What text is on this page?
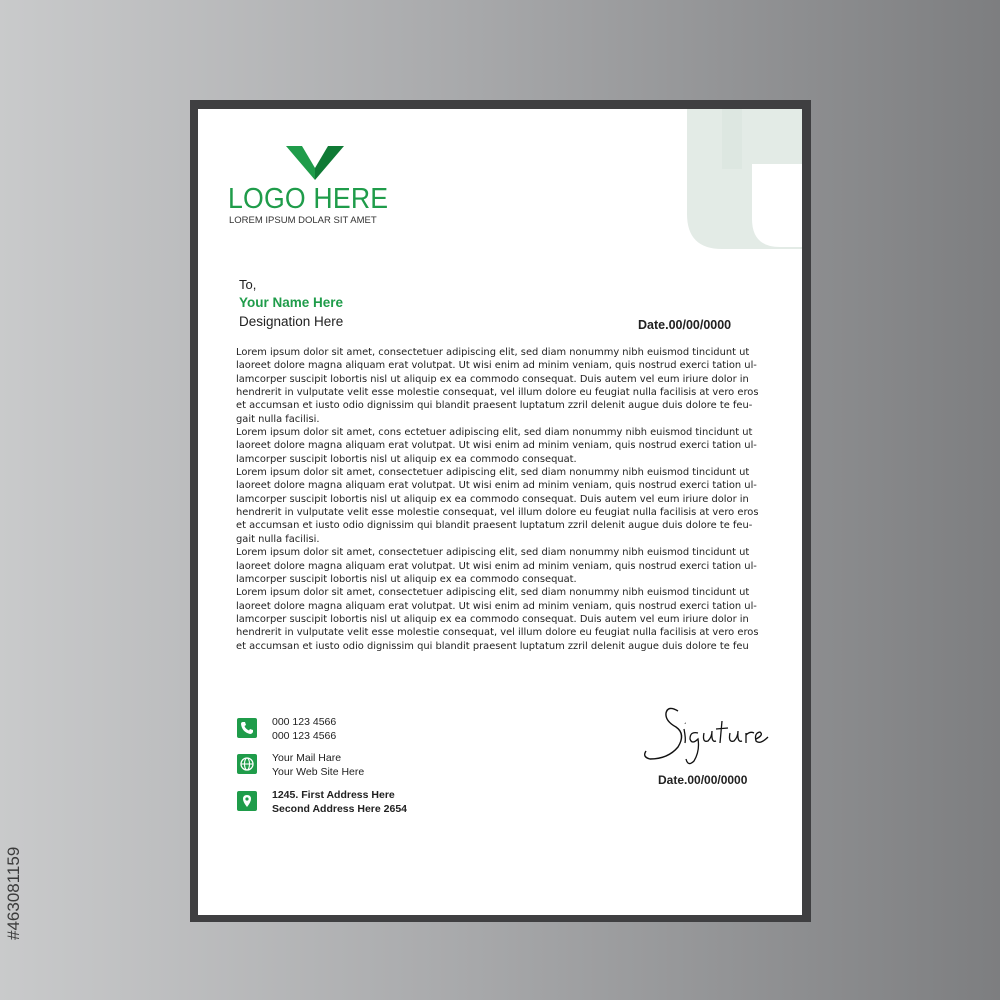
#463081159
LOGO HERE
LOREM IPSUM DOLAR SIT AMET
To,
Your Name Here
Designation Here	Date.00/00/0000
Lorem ipsum dolor sit amet, consectetuer adipiscing elit, sed diam nonummy nibh euismod tincidunt ut
laoreet dolore magna aliquam erat volutpat. Ut wisi enim ad minim veniam, quis nostrud exerci tation ul-
lamcorper suscipit lobortis nisl ut aliquip ex ea commodo consequat. Duis autem vel eum iriure dolor in
hendrerit in vulputate velit esse molestie consequat, vel illum dolore eu feugiat nulla facilisis at vero eros
et accumsan et iusto odio dignissim qui blandit praesent luptatum zzril delenit augue duis dolore te feu-
gait nulla facilisi.
Lorem ipsum dolor sit amet, cons ectetuer adipiscing elit, sed diam nonummy nibh euismod tincidunt ut
laoreet dolore magna aliquam erat volutpat. Ut wisi enim ad minim veniam, quis nostrud exerci tation ul-
lamcorper suscipit lobortis nisl ut aliquip ex ea commodo consequat.
Lorem ipsum dolor sit amet, consectetuer adipiscing elit, sed diam nonummy nibh euismod tincidunt ut
laoreet dolore magna aliquam erat volutpat. Ut wisi enim ad minim veniam, quis nostrud exerci tation ul-
lamcorper suscipit lobortis nisl ut aliquip ex ea commodo consequat. Duis autem vel eum iriure dolor in
hendrerit in vulputate velit esse molestie consequat, vel illum dolore eu feugiat nulla facilisis at vero eros
et accumsan et iusto odio dignissim qui blandit praesent luptatum zzril delenit augue duis dolore te feu-
gait nulla facilisi.
Lorem ipsum dolor sit amet, consectetuer adipiscing elit, sed diam nonummy nibh euismod tincidunt ut
laoreet dolore magna aliquam erat volutpat. Ut wisi enim ad minim veniam, quis nostrud exerci tation ul-
lamcorper suscipit lobortis nisl ut aliquip ex ea commodo consequat.
Lorem ipsum dolor sit amet, consectetuer adipiscing elit, sed diam nonummy nibh euismod tincidunt ut
laoreet dolore magna aliquam erat volutpat. Ut wisi enim ad minim veniam, quis nostrud exerci tation ul-
lamcorper suscipit lobortis nisl ut aliquip ex ea commodo consequat. Duis autem vel eum iriure dolor in
hendrerit in vulputate velit esse molestie consequat, vel illum dolore eu feugiat nulla facilisis at vero eros
et accumsan et iusto odio dignissim qui blandit praesent luptatum zzril delenit augue duis dolore te feu
000 123 4566
000 123 4566
Your Mail Hare
Your Web Site Here
1245. First Address Here
Second Address Here 2654
Date.00/00/0000
